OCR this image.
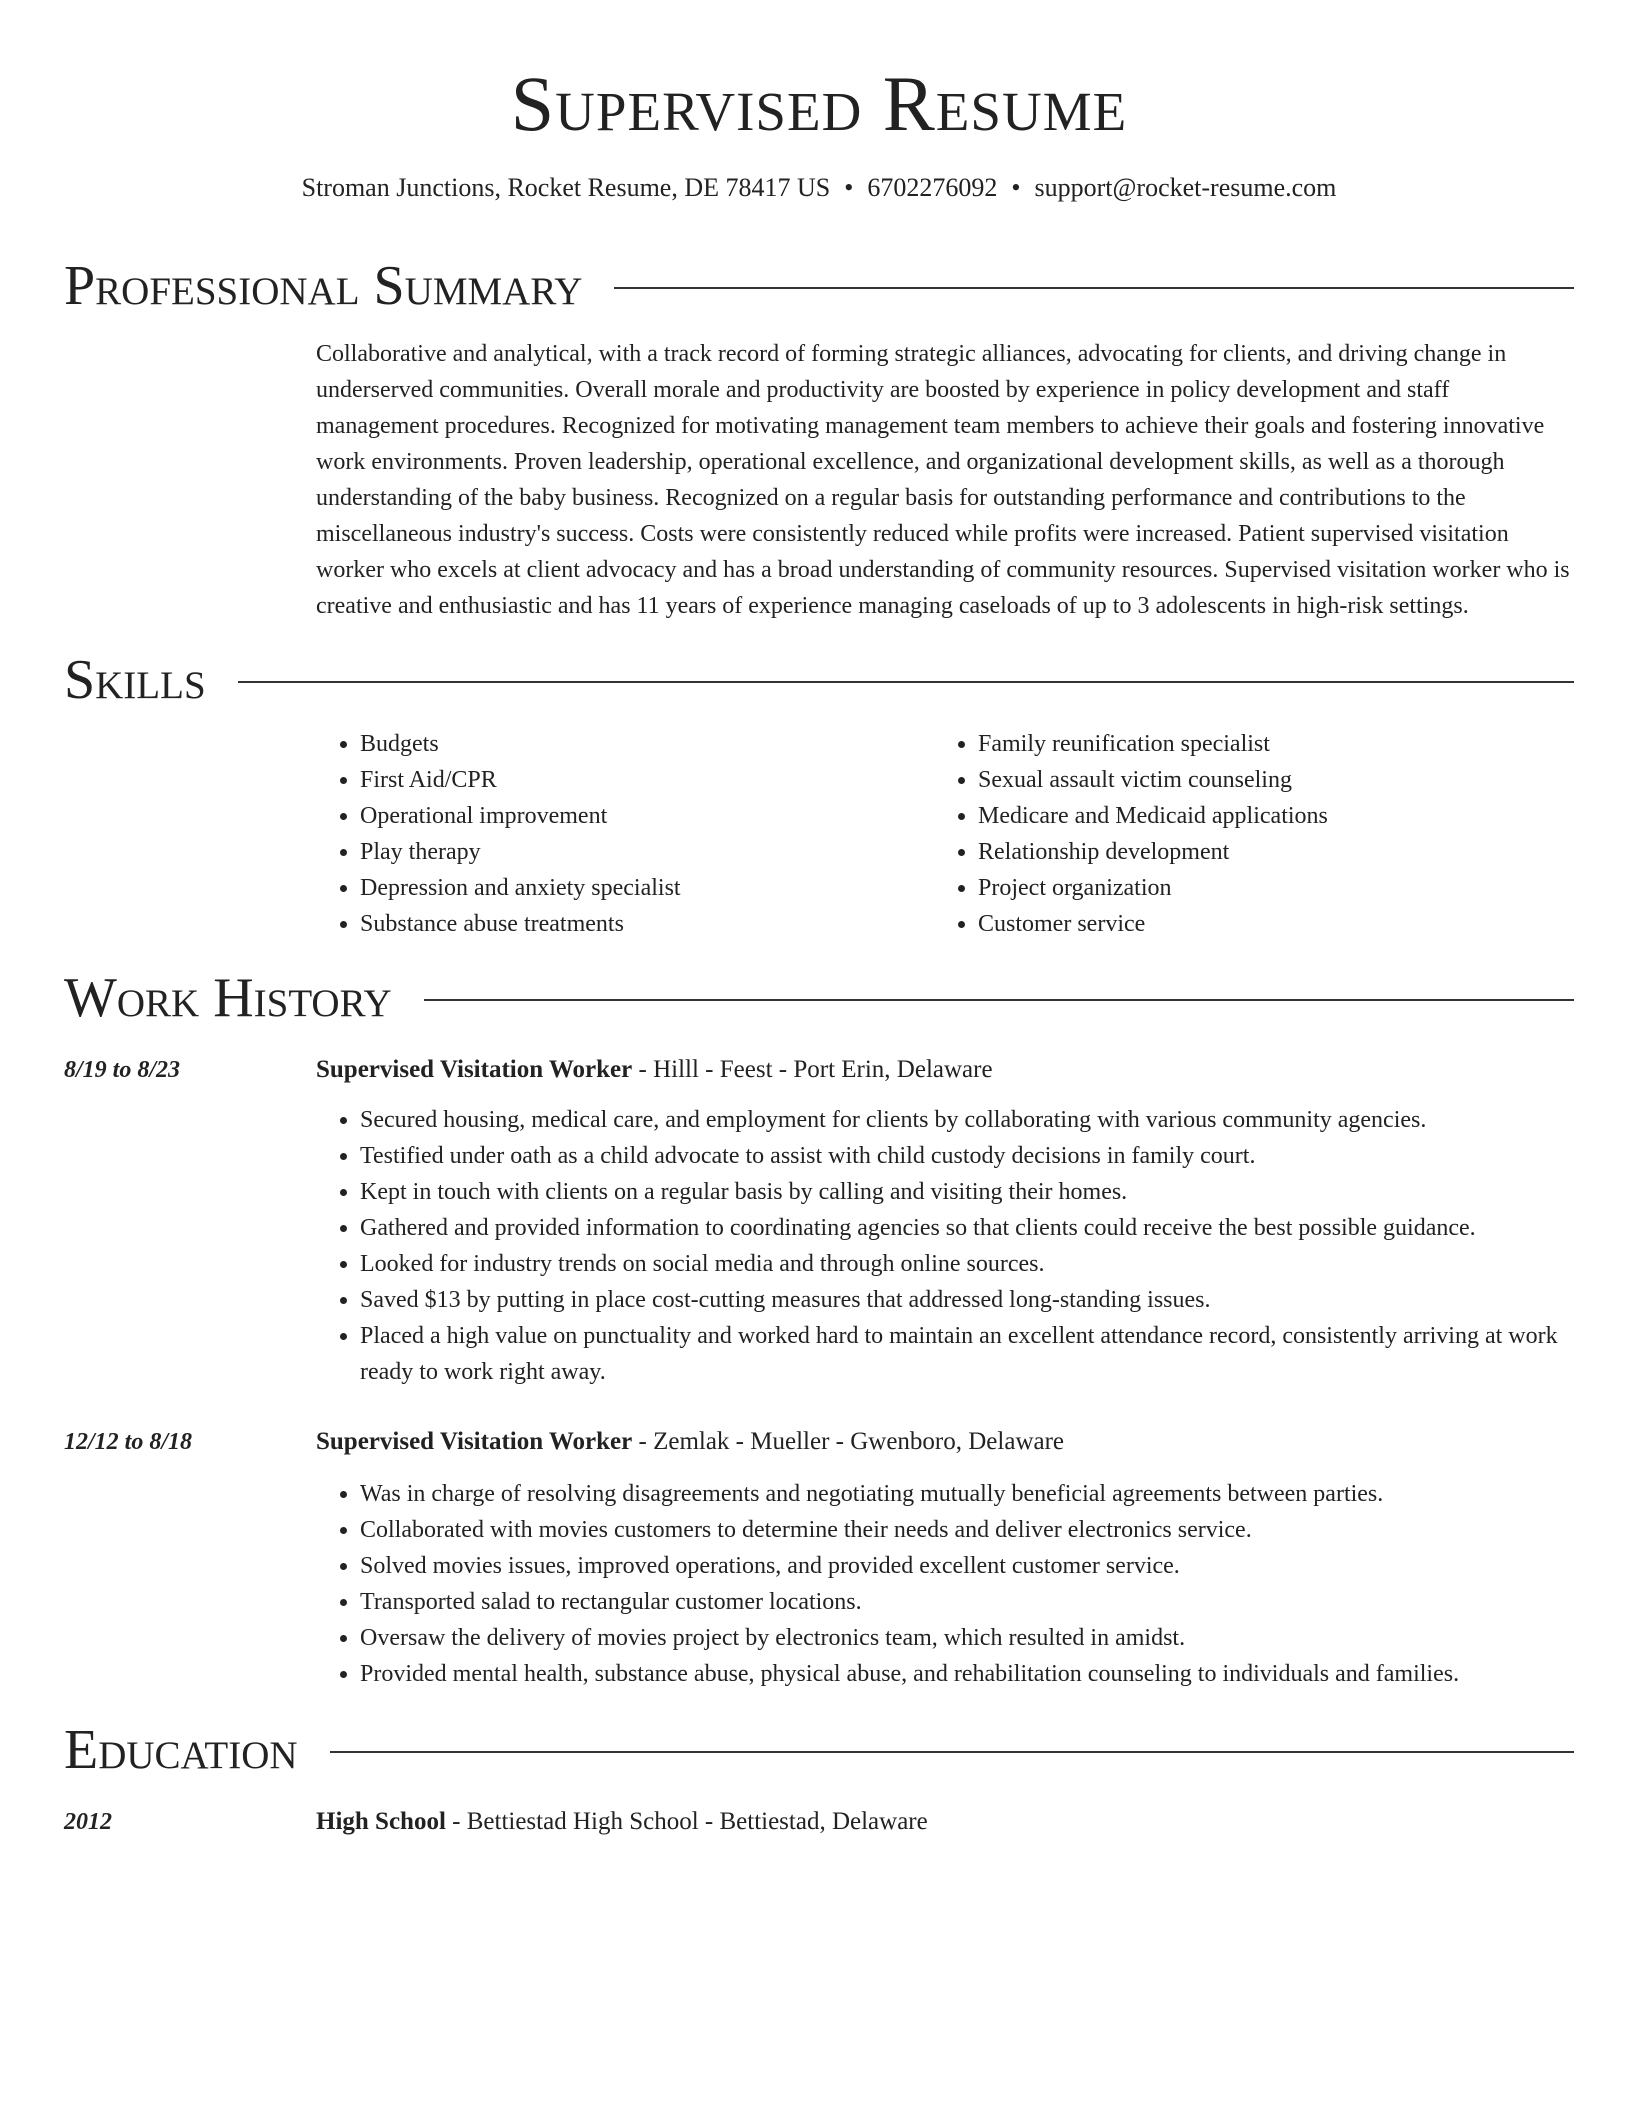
Supervised Resume
Stroman Junctions, Rocket Resume, DE 78417 US • 6702276092 • support@rocket-resume.com
Professional Summary

Collaborative and analytical, with a track record of forming strategic alliances, advocating for clients, and driving change in underserved communities. Overall morale and productivity are boosted by experience in policy development and staff management procedures. Recognized for motivating management team members to achieve their goals and fostering innovative work environments. Proven leadership, operational excellence, and organizational development skills, as well as a thorough understanding of the baby business. Recognized on a regular basis for outstanding performance and contributions to the miscellaneous industry's success. Costs were consistently reduced while profits were increased. Patient supervised visitation worker who excels at client advocacy and has a broad understanding of community resources. Supervised visitation worker who is creative and enthusiastic and has 11 years of experience managing caseloads of up to 3 adolescents in high-risk settings.

Skills
• Budgets
• First Aid/CPR
• Operational improvement
• Play therapy
• Depression and anxiety specialist
• Substance abuse treatments
• Family reunification specialist
• Sexual assault victim counseling
• Medicare and Medicaid applications
• Relationship development
• Project organization
• Customer service
Work History
8/19 to 8/23	Supervised Visitation Worker - Hilll - Feest - Port Erin, Delaware
• Secured housing, medical care, and employment for clients by collaborating with various community agencies.
• Testified under oath as a child advocate to assist with child custody decisions in family court.
• Kept in touch with clients on a regular basis by calling and visiting their homes.
• Gathered and provided information to coordinating agencies so that clients could receive the best possible guidance.
• Looked for industry trends on social media and through online sources.
• Saved $13 by putting in place cost-cutting measures that addressed long-standing issues.
• Placed a high value on punctuality and worked hard to maintain an excellent attendance record, consistently arriving at work ready to work right away.
12/12 to 8/18	Supervised Visitation Worker - Zemlak - Mueller - Gwenboro, Delaware
• Was in charge of resolving disagreements and negotiating mutually beneficial agreements between parties.
• Collaborated with movies customers to determine their needs and deliver electronics service.
• Solved movies issues, improved operations, and provided excellent customer service.
• Transported salad to rectangular customer locations.
• Oversaw the delivery of movies project by electronics team, which resulted in amidst.
• Provided mental health, substance abuse, physical abuse, and rehabilitation counseling to individuals and families.
Education
2012	High School - Bettiestad High School - Bettiestad, Delaware
